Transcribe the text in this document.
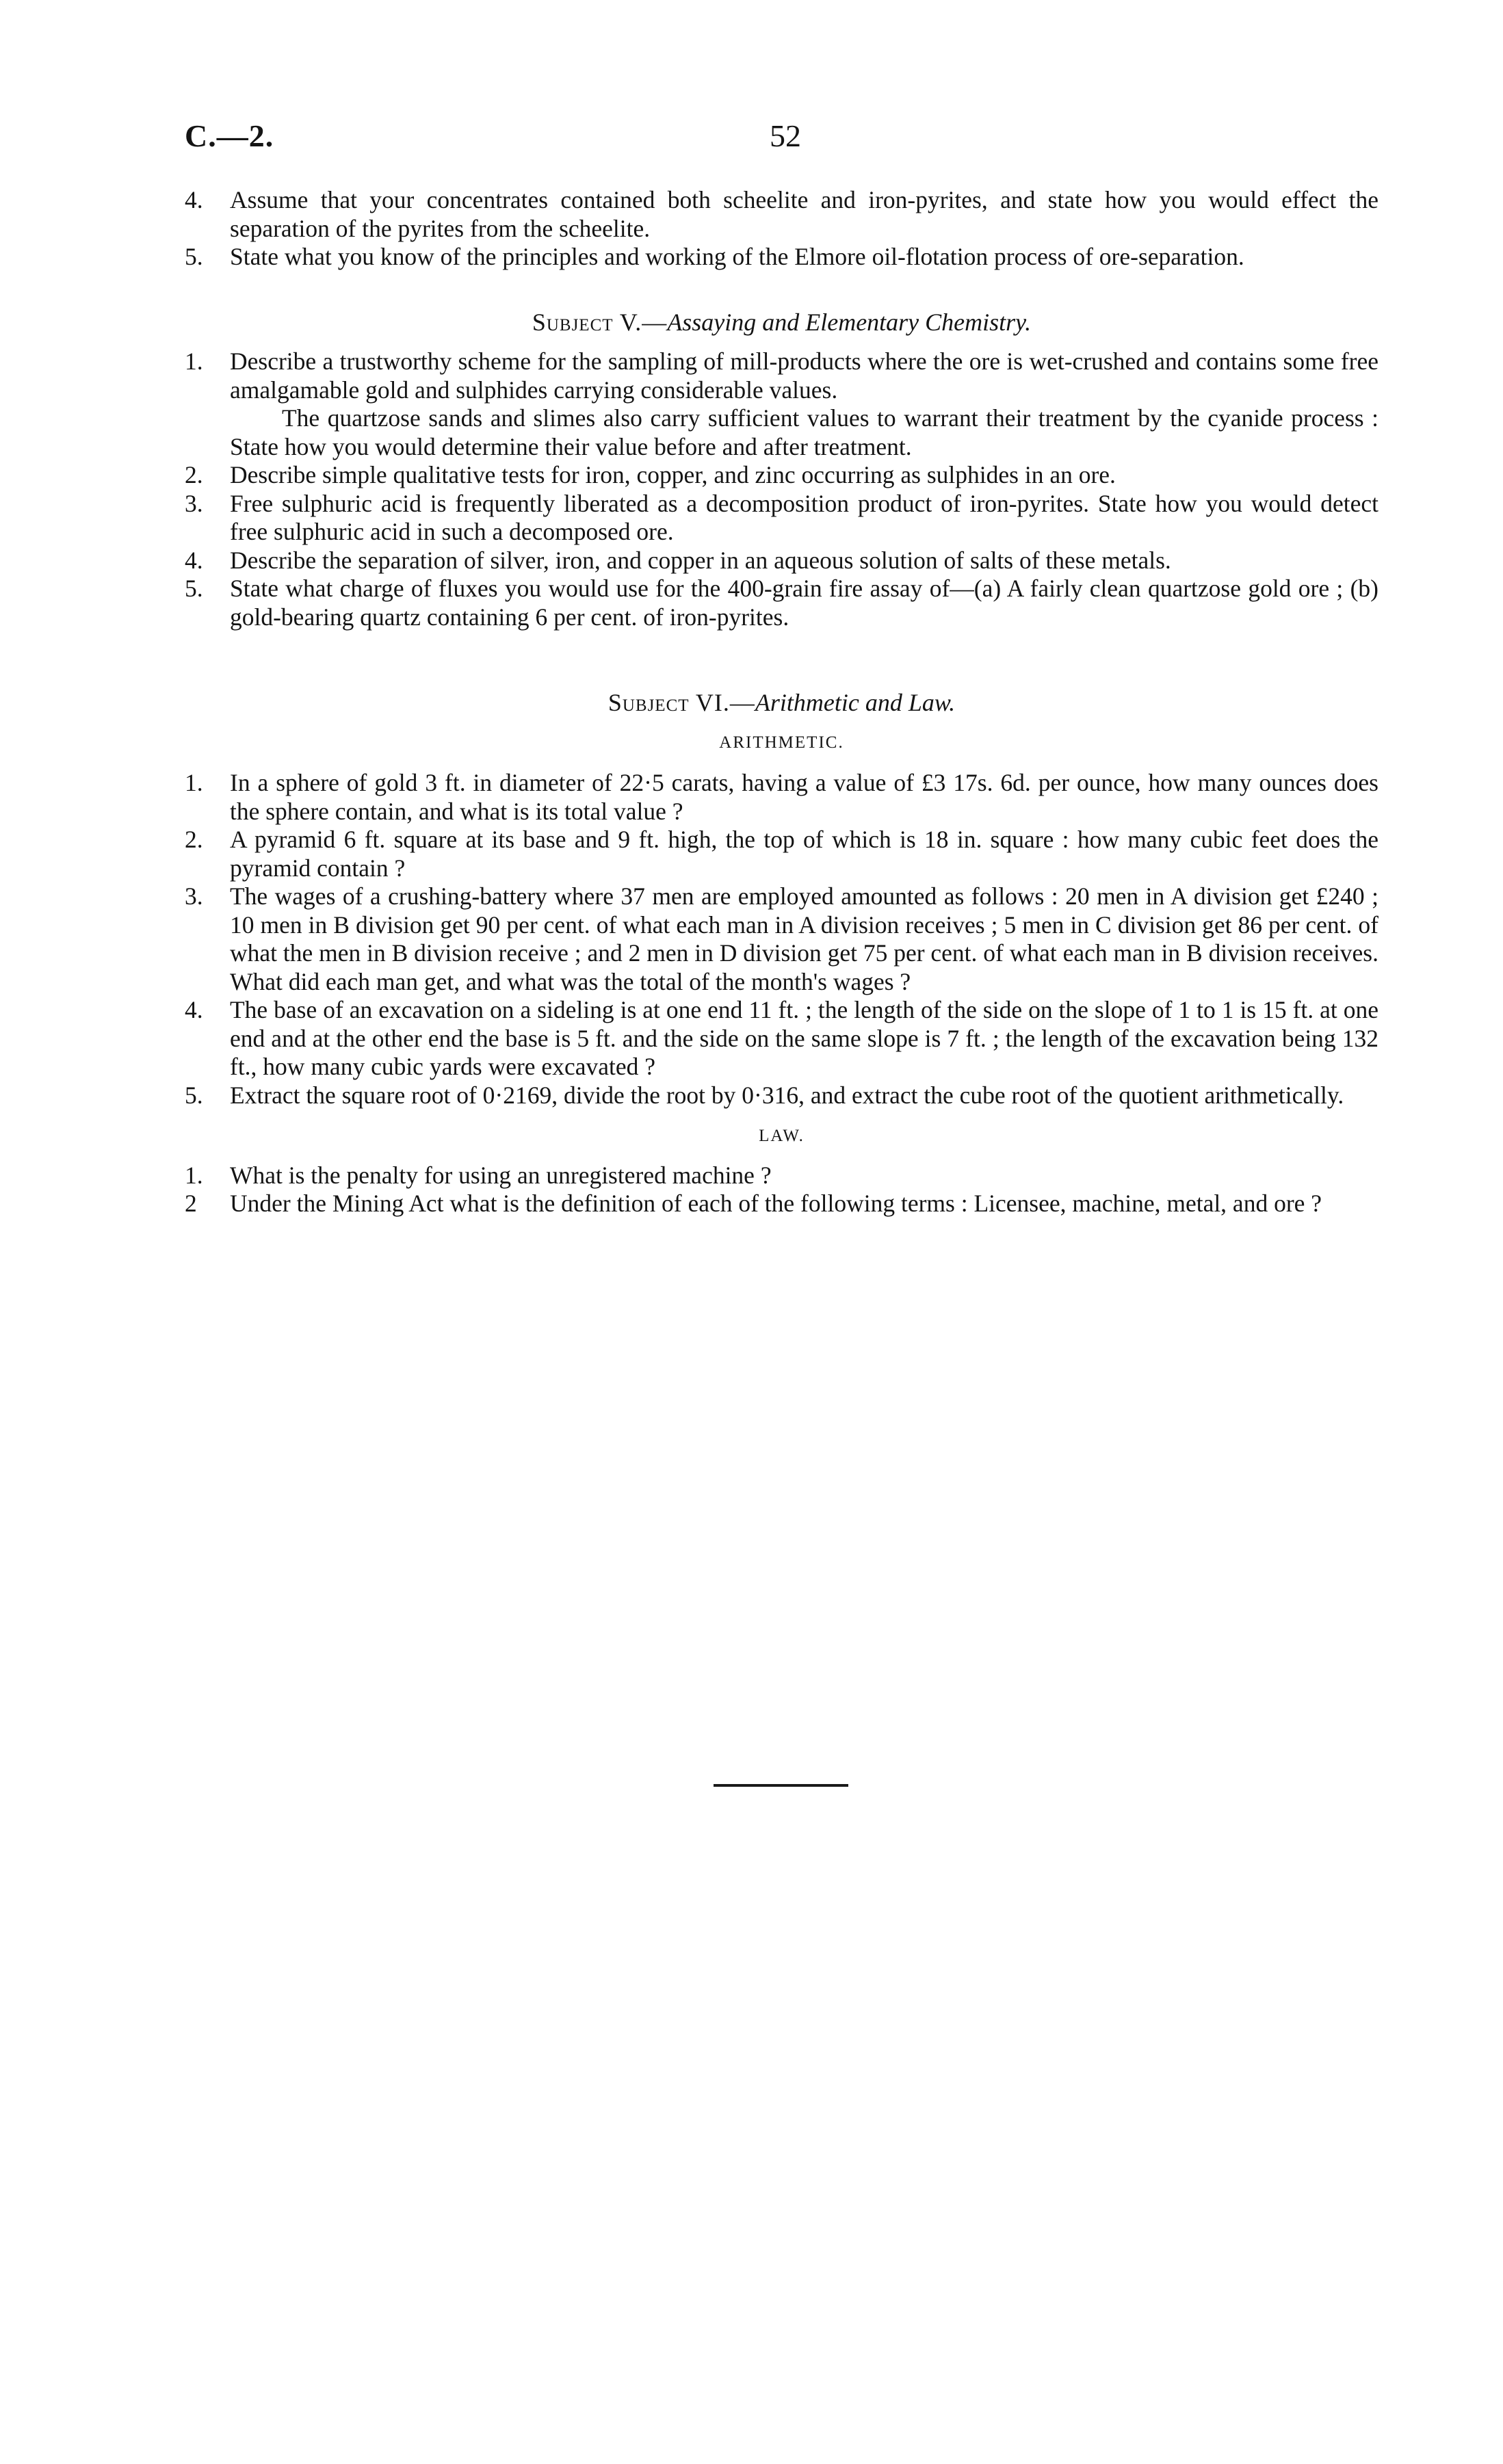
C.—2.	52
4. Assume that your concentrates contained both scheelite and iron-pyrites, and state how you would effect the separation of the pyrites from the scheelite.
5. State what you know of the principles and working of the Elmore oil-flotation process of ore-separation.
Subject V.—Assaying and Elementary Chemistry.
1. Describe a trustworthy scheme for the sampling of mill-products where the ore is wet-crushed and contains some free amalgamable gold and sulphides carrying considerable values.
The quartzose sands and slimes also carry sufficient values to warrant their treatment by the cyanide process : State how you would determine their value before and after treatment.
2. Describe simple qualitative tests for iron, copper, and zinc occurring as sulphides in an ore.
3. Free sulphuric acid is frequently liberated as a decomposition product of iron-pyrites. State how you would detect free sulphuric acid in such a decomposed ore.
4. Describe the separation of silver, iron, and copper in an aqueous solution of salts of these metals.
5. State what charge of fluxes you would use for the 400-grain fire assay of—(a) A fairly clean quartzose gold ore ; (b) gold-bearing quartz containing 6 per cent. of iron-pyrites.
Subject VI.—Arithmetic and Law.
ARITHMETIC.
1. In a sphere of gold 3 ft. in diameter of 22·5 carats, having a value of £3 17s. 6d. per ounce, how many ounces does the sphere contain, and what is its total value ?
2. A pyramid 6 ft. square at its base and 9 ft. high, the top of which is 18 in. square : how many cubic feet does the pyramid contain ?
3. The wages of a crushing-battery where 37 men are employed amounted as follows : 20 men in A division get £240 ; 10 men in B division get 90 per cent. of what each man in A division receives ; 5 men in C division get 86 per cent. of what the men in B division receive ; and 2 men in D division get 75 per cent. of what each man in B division receives. What did each man get, and what was the total of the month's wages ?
4. The base of an excavation on a sideling is at one end 11 ft. ; the length of the side on the slope of 1 to 1 is 15 ft. at one end and at the other end the base is 5 ft. and the side on the same slope is 7 ft. ; the length of the excavation being 132 ft., how many cubic yards were excavated ?
5. Extract the square root of 0·2169, divide the root by 0·316, and extract the cube root of the quotient arithmetically.
LAW.
1. What is the penalty for using an unregistered machine ?
2 Under the Mining Act what is the definition of each of the following terms : Licensee, machine, metal, and ore ?
